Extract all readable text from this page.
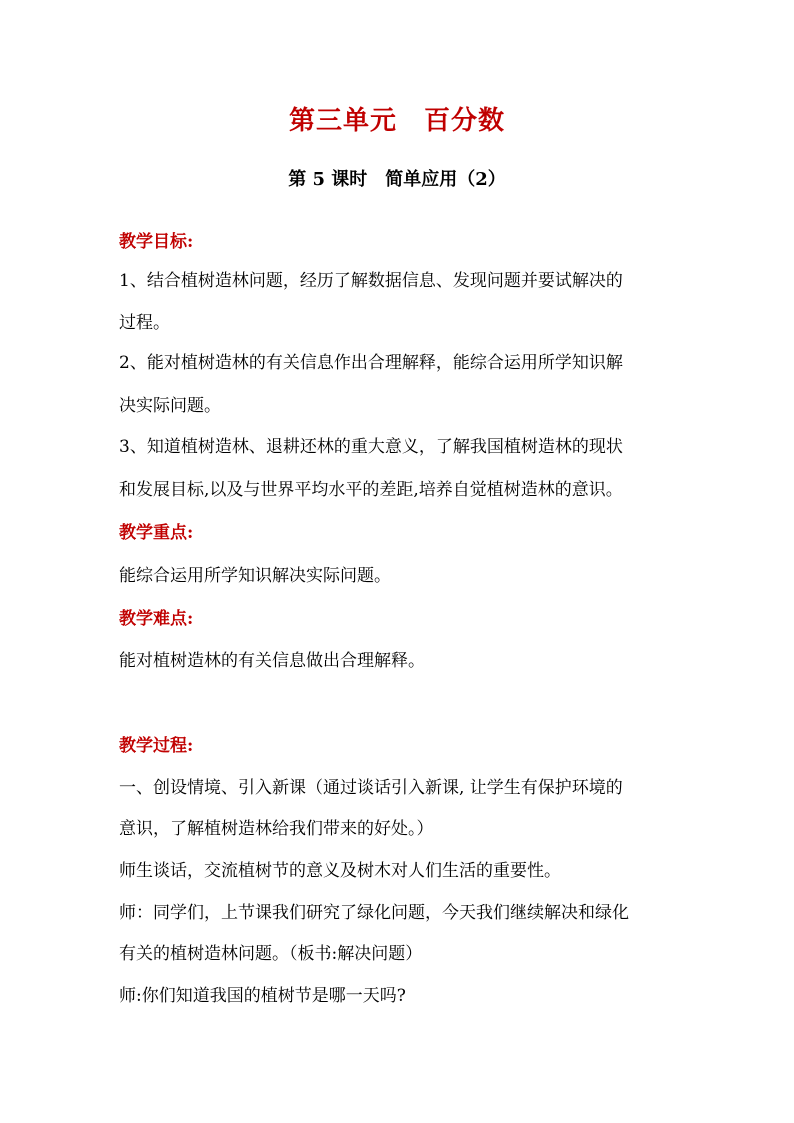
第三单元　百分数
第 5 课时　简单应用（2）
教学目标:
1、结合植树造林问题，经历了解数据信息、发现问题并要试解决的
过程。
2、能对植树造林的有关信息作出合理解释，能综合运用所学知识解
决实际问题。
3、知道植树造林、退耕还林的重大意义，了解我国植树造林的现状
和发展目标,以及与世界平均水平的差距,培养自觉植树造林的意识。
教学重点:
能综合运用所学知识解决实际问题。
教学难点:
能对植树造林的有关信息做出合理解释。
教学过程:
一、创设情境、引入新课（通过谈话引入新课, 让学生有保护环境的
意识，了解植树造林给我们带来的好处。）
师生谈话，交流植树节的意义及树木对人们生活的重要性。
师：同学们，上节课我们研究了绿化问题，今天我们继续解决和绿化
有关的植树造林问题。（板书:解决问题）
师:你们知道我国的植树节是哪一天吗?
